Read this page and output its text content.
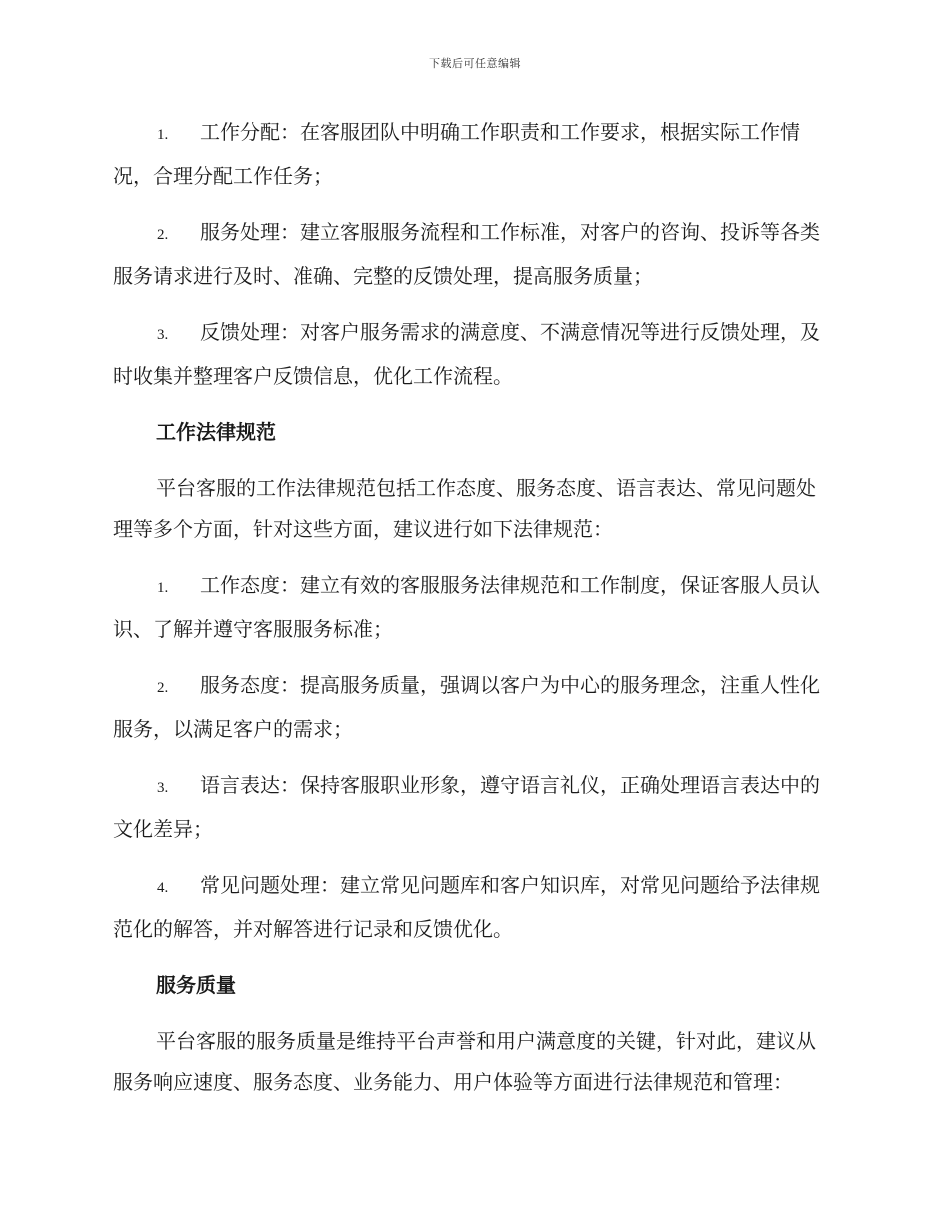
下载后可任意编辑

1. 工作分配：在客服团队中明确工作职责和工作要求，根据实际工作情况，合理分配工作任务；

2. 服务处理：建立客服服务流程和工作标准，对客户的咨询、投诉等各类服务请求进行及时、准确、完整的反馈处理，提高服务质量；

3. 反馈处理：对客户服务需求的满意度、不满意情况等进行反馈处理，及时收集并整理客户反馈信息，优化工作流程。

工作法律规范

平台客服的工作法律规范包括工作态度、服务态度、语言表达、常见问题处理等多个方面，针对这些方面，建议进行如下法律规范：

1. 工作态度：建立有效的客服服务法律规范和工作制度，保证客服人员认识、了解并遵守客服服务标准；

2. 服务态度：提高服务质量，强调以客户为中心的服务理念，注重人性化服务，以满足客户的需求；

3. 语言表达：保持客服职业形象，遵守语言礼仪，正确处理语言表达中的文化差异；

4. 常见问题处理：建立常见问题库和客户知识库，对常见问题给予法律规范化的解答，并对解答进行记录和反馈优化。

服务质量

平台客服的服务质量是维持平台声誉和用户满意度的关键，针对此，建议从服务响应速度、服务态度、业务能力、用户体验等方面进行法律规范和管理：
